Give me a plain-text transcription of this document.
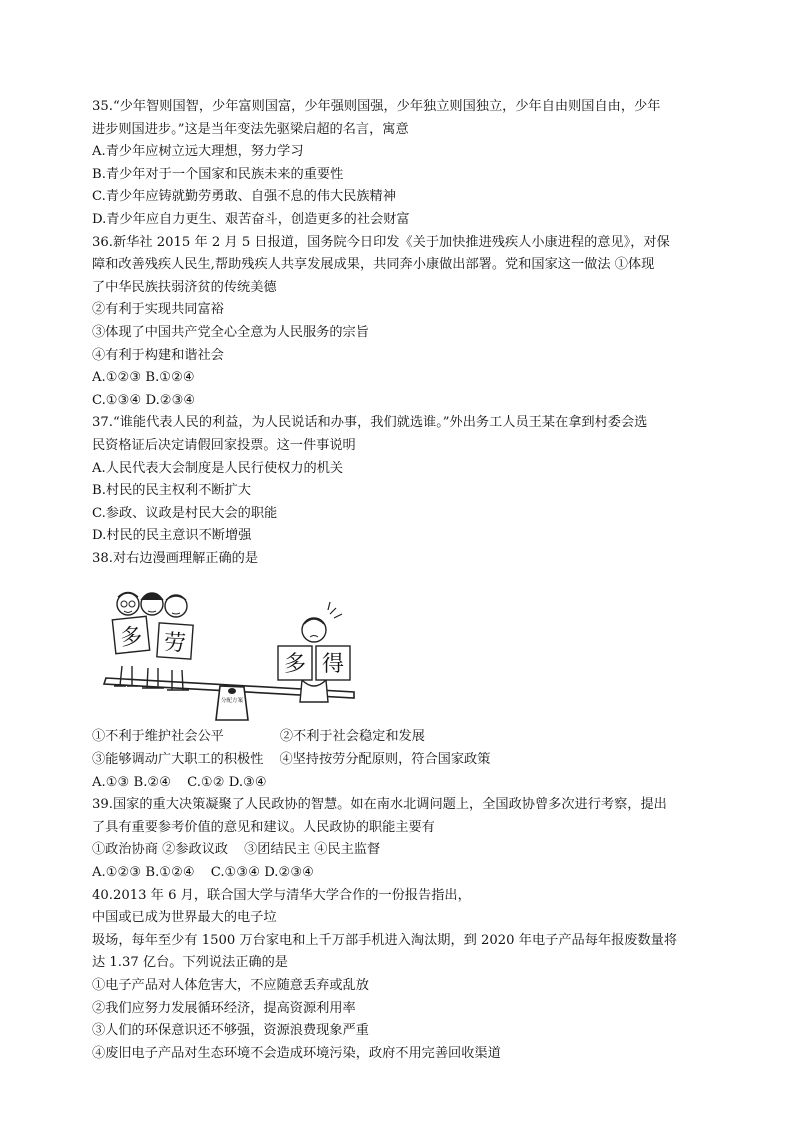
35.“少年智则国智，少年富则国富，少年强则国强，少年独立则国独立，少年自由则国自由，少年
进步则国进步。”这是当年变法先驱梁启超的名言，寓意
A.青少年应树立远大理想，努力学习
B.青少年对于一个国家和民族未来的重要性
C.青少年应铸就勤劳勇敢、自强不息的伟大民族精神
D.青少年应自力更生、艰苦奋斗，创造更多的社会财富
36.新华社 2015 年 2 月 5 日报道，国务院今日印发《关于加快推进残疾人小康进程的意见》，对保
障和改善残疾人民生,帮助残疾人共享发展成果，共同奔小康做出部署。党和国家这一做法 ①体现
了中华民族扶弱济贫的传统美德
②有利于实现共同富裕
③体现了中国共产党全心全意为人民服务的宗旨
④有利于构建和谐社会
A.①②③ B.①②④
C.①③④ D.②③④
37.“谁能代表人民的利益，为人民说话和办事，我们就选谁。”外出务工人员王某在拿到村委会选
民资格证后决定请假回家投票。这一件事说明
A.人民代表大会制度是人民行使权力的机关
B.村民的民主权利不断扩大
C.参政、议政是村民大会的职能
D.村民的民主意识不断增强
38.对右边漫画理解正确的是
分配方案
多 劳
多 得
①不利于维护社会公平	②不利于社会稳定和发展
③能够调动广大职工的积极性 ④坚持按劳分配原则，符合国家政策
A.①③ B.②④ C.①② D.③④
39.国家的重大决策凝聚了人民政协的智慧。如在南水北调问题上，全国政协曾多次进行考察，提出
了具有重要参考价值的意见和建议。人民政协的职能主要有
①政治协商 ②参政议政 ③团结民主 ④民主监督
A.①②③ B.①②④ C.①③④ D.②③④
40.2013 年 6 月，联合国大学与清华大学合作的一份报告指出，
中国或已成为世界最大的电子垃
圾场，每年至少有 1500 万台家电和上千万部手机进入淘汰期，到 2020 年电子产品每年报废数量将
达 1.37 亿台。下列说法正确的是
①电子产品对人体危害大，不应随意丢弃或乱放
②我们应努力发展循环经济，提高资源利用率
③人们的环保意识还不够强，资源浪费现象严重
④废旧电子产品对生态环境不会造成环境污染，政府不用完善回收渠道
